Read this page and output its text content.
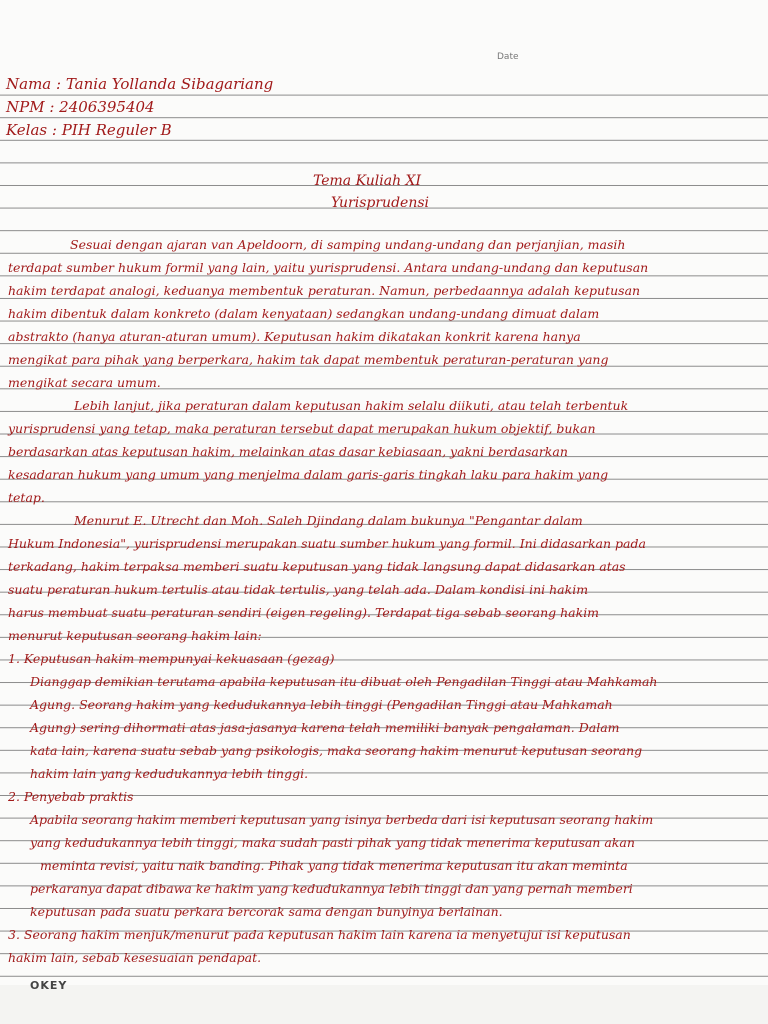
Date
Nama : Tania Yollanda Sibagariang
NPM : 2406395404
Kelas : PIH Reguler B
Tema Kuliah XI
Yurisprudensi
Sesuai dengan ajaran van Apeldoorn, di samping undang-undang dan perjanjian, masih
terdapat sumber hukum formil yang lain, yaitu yurisprudensi. Antara undang-undang dan keputusan
hakim terdapat analogi, keduanya membentuk peraturan. Namun, perbedaannya adalah keputusan
hakim dibentuk dalam konkreto (dalam kenyataan) sedangkan undang-undang dimuat dalam
abstrakto (hanya aturan-aturan umum). Keputusan hakim dikatakan konkrit karena hanya
mengikat para pihak yang berperkara, hakim tak dapat membentuk peraturan-peraturan yang
mengikat secara umum.
Lebih lanjut, jika peraturan dalam keputusan hakim selalu diikuti, atau telah terbentuk
yurisprudensi yang tetap, maka peraturan tersebut dapat merupakan hukum objektif, bukan
berdasarkan atas keputusan hakim, melainkan atas dasar kebiasaan, yakni berdasarkan
kesadaran hukum yang umum yang menjelma dalam garis-garis tingkah laku para hakim yang
tetap.
Menurut E. Utrecht dan Moh. Saleh Djindang dalam bukunya "Pengantar dalam
Hukum Indonesia", yurisprudensi merupakan suatu sumber hukum yang formil. Ini didasarkan pada
terkadang, hakim terpaksa memberi suatu keputusan yang tidak langsung dapat didasarkan atas
suatu peraturan hukum tertulis atau tidak tertulis, yang telah ada. Dalam kondisi ini hakim
harus membuat suatu peraturan sendiri (eigen regeling). Terdapat tiga sebab seorang hakim
menurut keputusan seorang hakim lain:
1. Keputusan hakim mempunyai kekuasaan (gezag)
Dianggap demikian terutama apabila keputusan itu dibuat oleh Pengadilan Tinggi atau Mahkamah
Agung. Seorang hakim yang kedudukannya lebih tinggi (Pengadilan Tinggi atau Mahkamah
Agung) sering dihormati atas jasa-jasanya karena telah memiliki banyak pengalaman. Dalam
kata lain, karena suatu sebab yang psikologis, maka seorang hakim menurut keputusan seorang
hakim lain yang kedudukannya lebih tinggi.
2. Penyebab praktis
Apabila seorang hakim memberi keputusan yang isinya berbeda dari isi keputusan seorang hakim
yang kedudukannya lebih tinggi, maka sudah pasti pihak yang tidak menerima keputusan akan
meminta revisi, yaitu naik banding. Pihak yang tidak menerima keputusan itu akan meminta
perkaranya dapat dibawa ke hakim yang kedudukannya lebih tinggi dan yang pernah memberi
keputusan pada suatu perkara bercorak sama dengan bunyinya berlainan.
3. Seorang hakim menjuk/menurut pada keputusan hakim lain karena ia menyetujui isi keputusan
hakim lain, sebab kesesuaian pendapat.
OKEY
